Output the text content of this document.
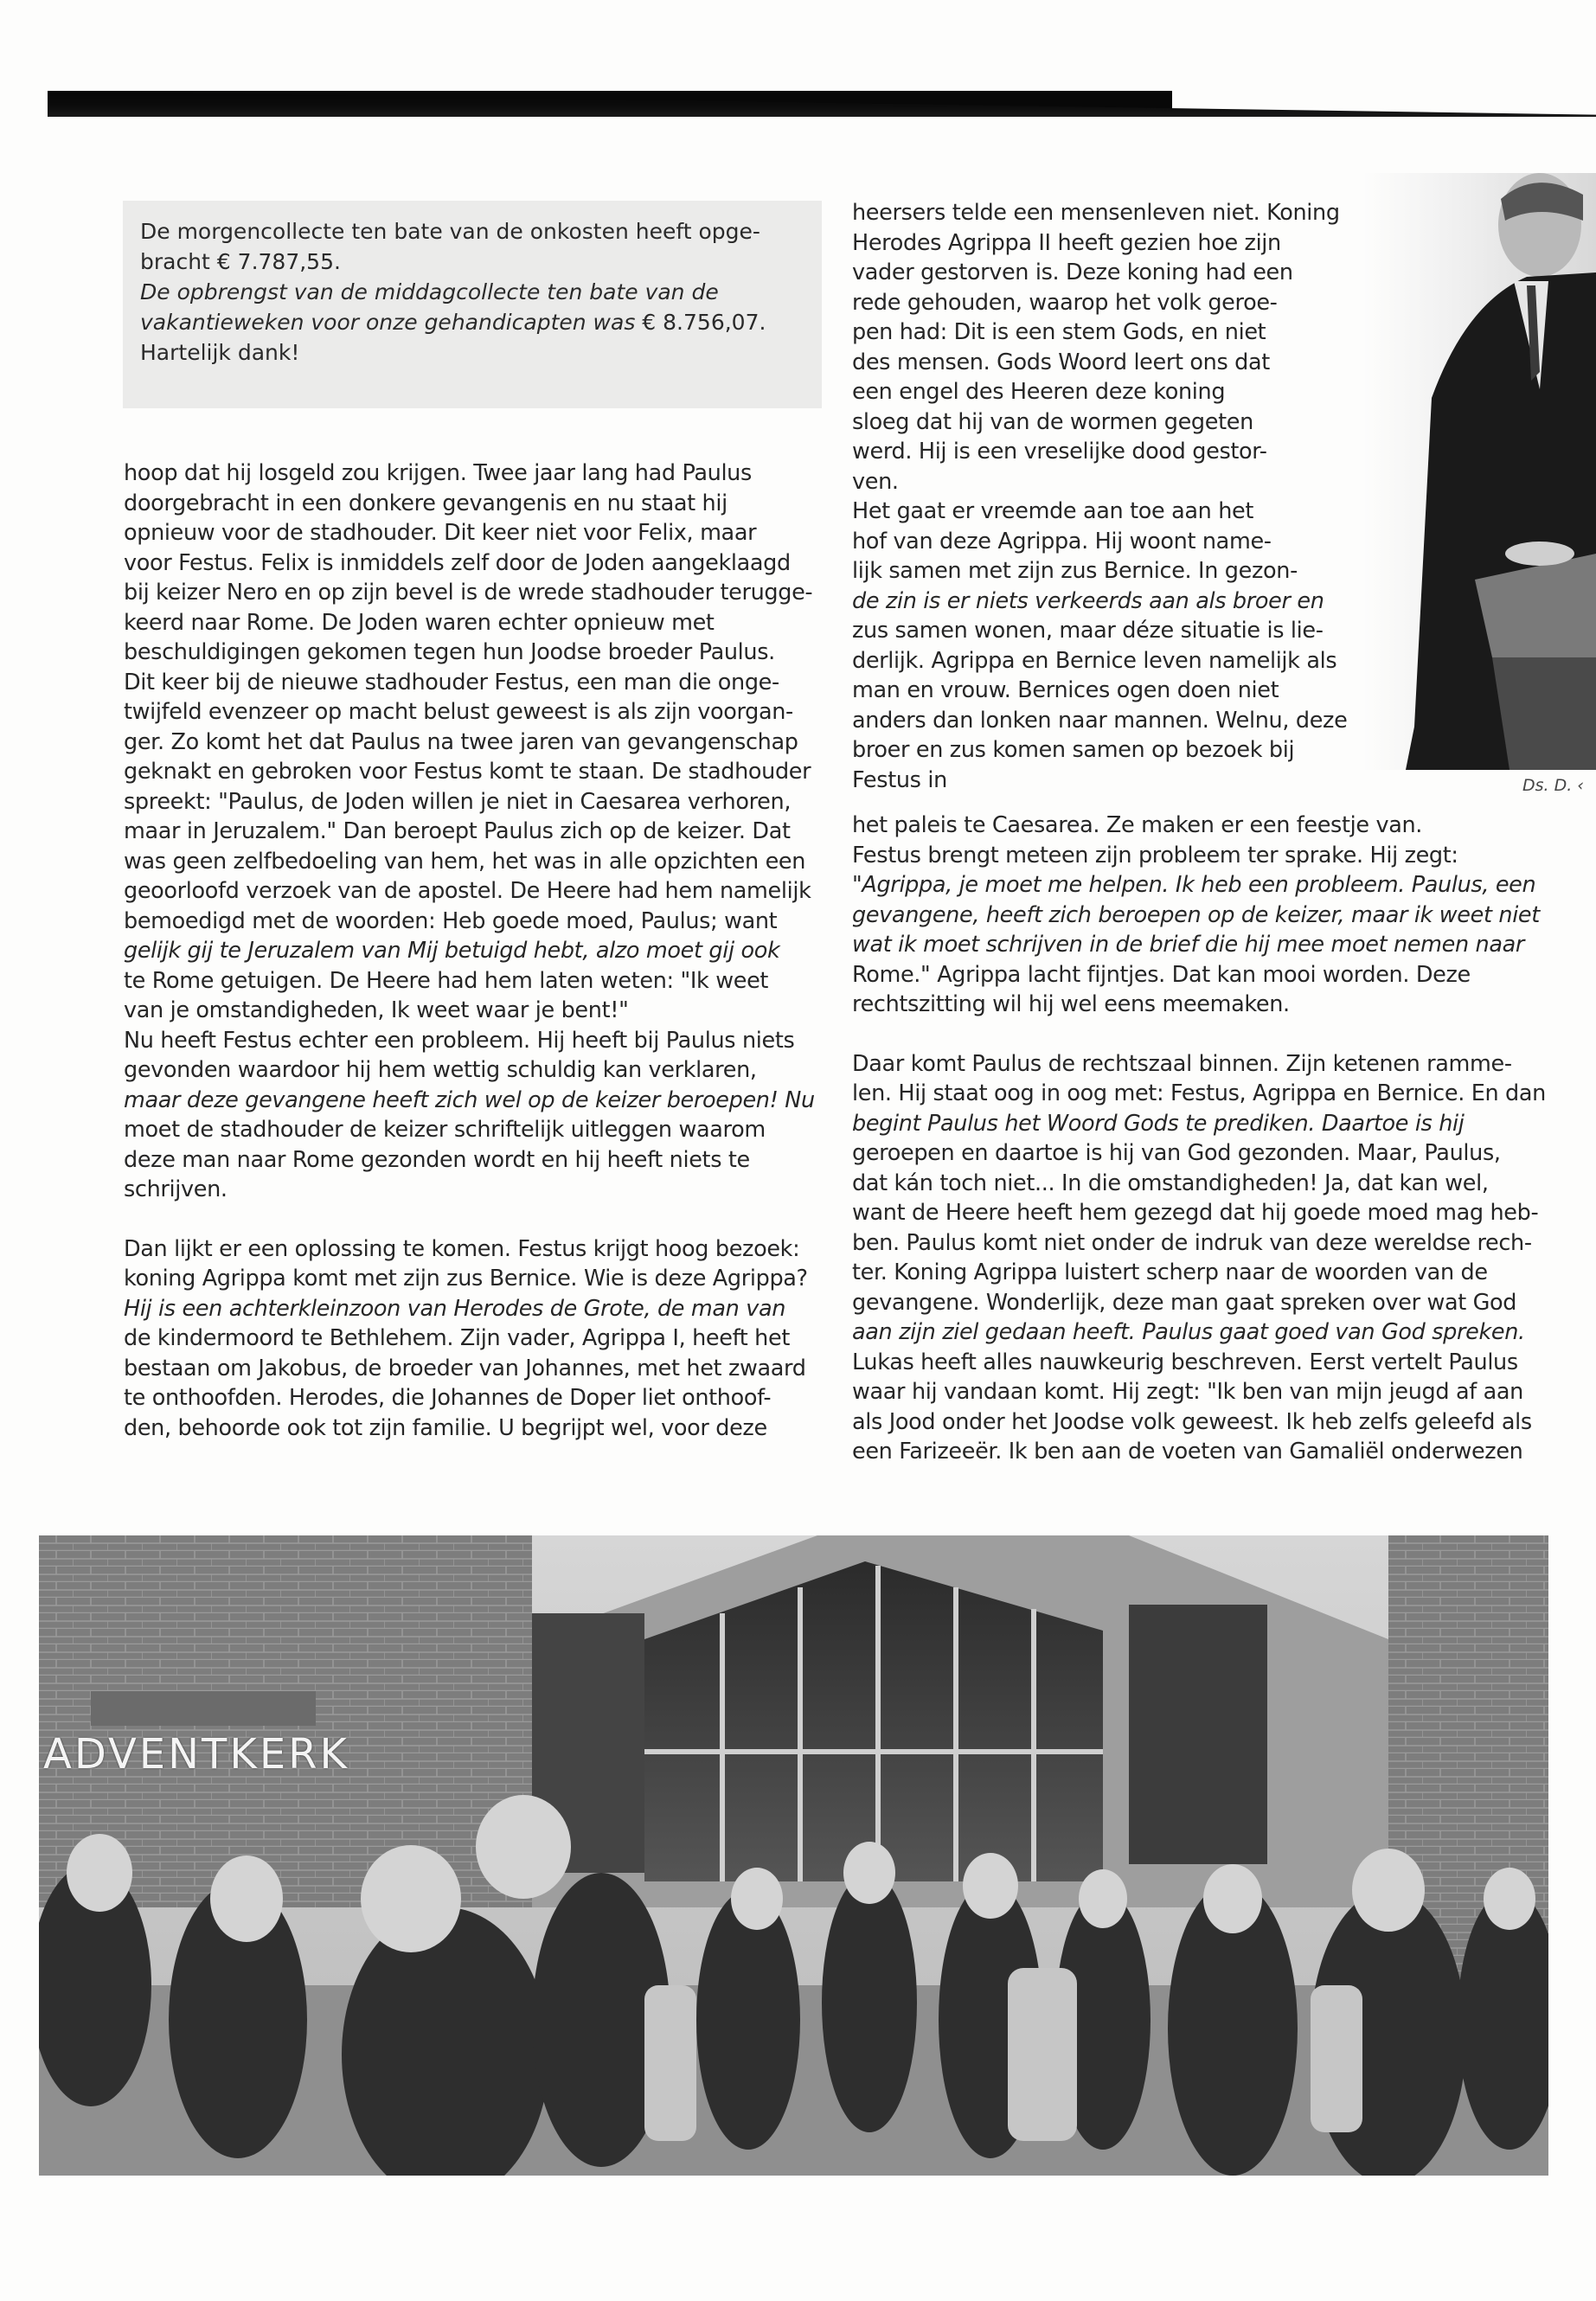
De morgencollecte ten bate van de onkosten heeft opge-

bracht € 7.787,55.

De opbrengst van de middagcollecte ten bate van de

vakantieweken voor onze gehandicapten was € 8.756,07.

Hartelijk dank!

hoop dat hij losgeld zou krijgen. Twee jaar lang had Paulus

doorgebracht in een donkere gevangenis en nu staat hij

opnieuw voor de stadhouder. Dit keer niet voor Felix, maar

voor Festus. Felix is inmiddels zelf door de Joden aangeklaagd

bij keizer Nero en op zijn bevel is de wrede stadhouder terugge-

keerd naar Rome. De Joden waren echter opnieuw met

beschuldigingen gekomen tegen hun Joodse broeder Paulus.

Dit keer bij de nieuwe stadhouder Festus, een man die onge-

twijfeld evenzeer op macht belust geweest is als zijn voorgan-

ger. Zo komt het dat Paulus na twee jaren van gevangenschap

geknakt en gebroken voor Festus komt te staan. De stadhouder

spreekt: "Paulus, de Joden willen je niet in Caesarea verhoren,

maar in Jeruzalem." Dan beroept Paulus zich op de keizer. Dat

was geen zelfbedoeling van hem, het was in alle opzichten een

geoorloofd verzoek van de apostel. De Heere had hem namelijk

bemoedigd met de woorden: Heb goede moed, Paulus; want

gelijk gij te Jeruzalem van Mij betuigd hebt, alzo moet gij ook

te Rome getuigen. De Heere had hem laten weten: "Ik weet

van je omstandigheden, Ik weet waar je bent!"

Nu heeft Festus echter een probleem. Hij heeft bij Paulus niets

gevonden waardoor hij hem wettig schuldig kan verklaren,

maar deze gevangene heeft zich wel op de keizer beroepen! Nu

moet de stadhouder de keizer schriftelijk uitleggen waarom

deze man naar Rome gezonden wordt en hij heeft niets te

schrijven.

Dan lijkt er een oplossing te komen. Festus krijgt hoog bezoek:

koning Agrippa komt met zijn zus Bernice. Wie is deze Agrippa?

Hij is een achterkleinzoon van Herodes de Grote, de man van

de kindermoord te Bethlehem. Zijn vader, Agrippa I, heeft het

bestaan om Jakobus, de broeder van Johannes, met het zwaard

te onthoofden. Herodes, die Johannes de Doper liet onthoof-

den, behoorde ook tot zijn familie. U begrijpt wel, voor deze

heersers telde een mensenleven niet. Koning

Herodes Agrippa II heeft gezien hoe zijn

vader gestorven is. Deze koning had een

rede gehouden, waarop het volk geroe-

pen had: Dit is een stem Gods, en niet

des mensen. Gods Woord leert ons dat

een engel des Heeren deze koning

sloeg dat hij van de wormen gegeten

werd. Hij is een vreselijke dood gestor-

ven.

Het gaat er vreemde aan toe aan het

hof van deze Agrippa. Hij woont name-

lijk samen met zijn zus Bernice. In gezon-

de zin is er niets verkeerds aan als broer en

zus samen wonen, maar déze situatie is lie-

derlijk. Agrippa en Bernice leven namelijk als

man en vrouw. Bernices ogen doen niet

anders dan lonken naar mannen. Welnu, deze

broer en zus komen samen op bezoek bij Festus in

het paleis te Caesarea. Ze maken er een feestje van.

Festus brengt meteen zijn probleem ter sprake. Hij zegt:

"Agrippa, je moet me helpen. Ik heb een probleem. Paulus, een

gevangene, heeft zich beroepen op de keizer, maar ik weet niet

wat ik moet schrijven in de brief die hij mee moet nemen naar

Rome." Agrippa lacht fijntjes. Dat kan mooi worden. Deze

rechtszitting wil hij wel eens meemaken.

Daar komt Paulus de rechtszaal binnen. Zijn ketenen ramme-

len. Hij staat oog in oog met: Festus, Agrippa en Bernice. En dan

begint Paulus het Woord Gods te prediken. Daartoe is hij

geroepen en daartoe is hij van God gezonden. Maar, Paulus,

dat kán toch niet... In die omstandigheden! Ja, dat kan wel,

want de Heere heeft hem gezegd dat hij goede moed mag heb-

ben. Paulus komt niet onder de indruk van deze wereldse rech-

ter. Koning Agrippa luistert scherp naar de woorden van de

gevangene. Wonderlijk, deze man gaat spreken over wat God

aan zijn ziel gedaan heeft. Paulus gaat goed van God spreken.

Lukas heeft alles nauwkeurig beschreven. Eerst vertelt Paulus

waar hij vandaan komt. Hij zegt: "Ik ben van mijn jeugd af aan

als Jood onder het Joodse volk geweest. Ik heb zelfs geleefd als

een Farizeeër. Ik ben aan de voeten van Gamaliël onderwezen

Ds. D. ‹
ADVENTKERK
